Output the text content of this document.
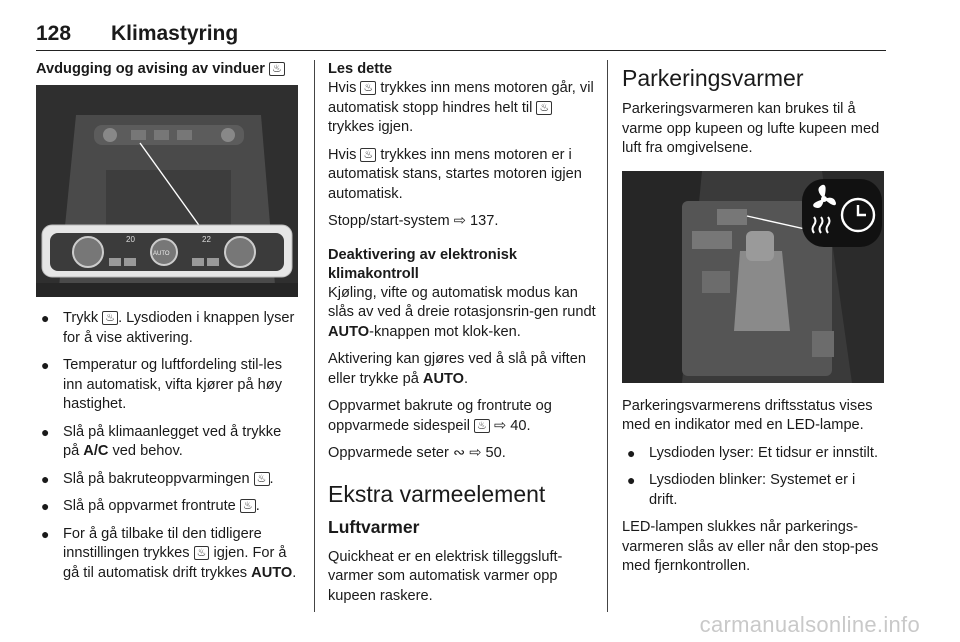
128 Klimastyring
Avdugging og avising av vinduer ♨
20	22
AUTO
● Trykk ♨ . Lysdioden i knappen lyser for å vise aktivering.
● Temperatur og luftfordeling stil-les inn automatisk, vifta kjører på høy hastighet.
● Slå på klimaanlegget ved å trykke på A/C ved behov.
● Slå på bakruteoppvarmingen ♨ .
● Slå på oppvarmet frontrute ♨ .
● For å gå tilbake til den tidligere innstillingen trykkes ♨ igjen. For å gå til automatisk drift trykkes AUTO.
Les dette

Hvis ♨ trykkes inn mens motoren går, vil automatisk stopp hindres helt til ♨ trykkes igjen.

Hvis ♨ trykkes inn mens motoren er i automatisk stans, startes motoren igjen automatisk.

Stopp/start-system ⇨ 137.

Deaktivering av elektronisk klimakontroll

Kjøling, vifte og automatisk modus kan slås av ved å dreie rotasjonsrin-gen rundt AUTO-knappen mot klok-ken.

Aktivering kan gjøres ved å slå på viften eller trykke på AUTO.

Oppvarmet bakrute og frontrute og oppvarmede sidespeil ♨ ⇨ 40.

Oppvarmede seter ∾ ⇨ 50.

Ekstra varmeelement
Luftvarmer

Quickheat er en elektrisk tilleggsluft-varmer som automatisk varmer opp kupeen raskere.

Parkeringsvarmer

Parkeringsvarmeren kan brukes til å varme opp kupeen og lufte kupeen med luft fra omgivelsene.

Parkeringsvarmerens driftsstatus vises med en indikator med en LED-lampe.

● Lysdioden lyser: Et tidsur er innstilt.
● Lysdioden blinker: Systemet er i drift.

LED-lampen slukkes når parkerings-varmeren slås av eller når den stop-pes med fjernkontrollen.

carmanualsonline.info
